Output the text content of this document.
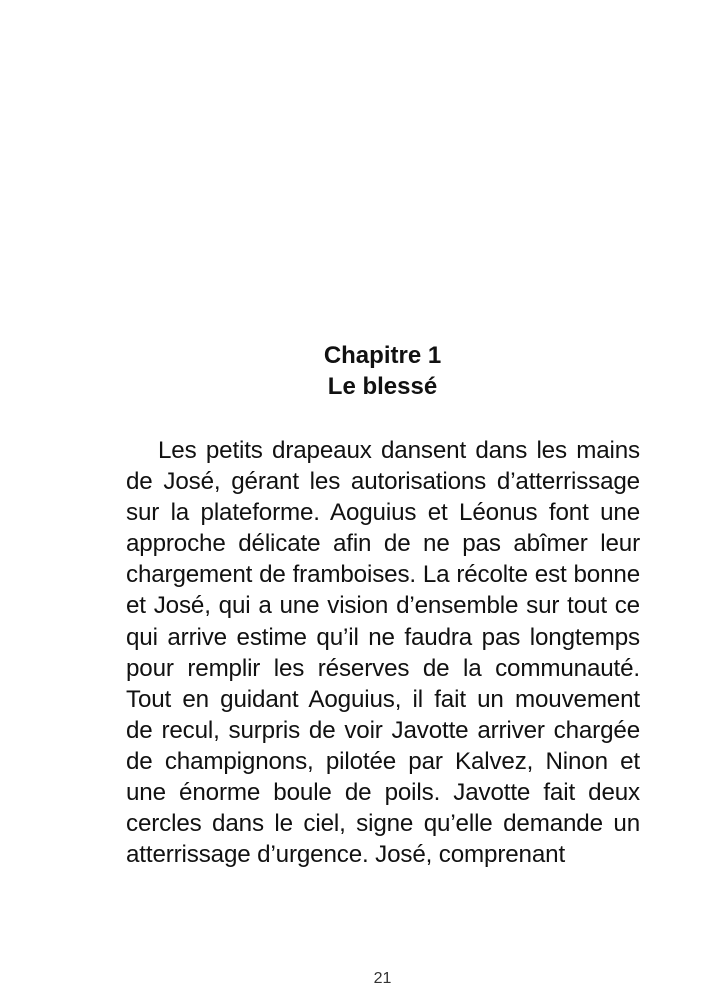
Chapitre 1
Le blessé

Les petits drapeaux dansent dans les mains de José, gérant les autorisations d’atterrissage sur la plateforme. Aoguius et Léonus font une approche délicate afin de ne pas abîmer leur chargement de framboises. La récolte est bonne et José, qui a une vision d’ensemble sur tout ce qui arrive estime qu’il ne faudra pas longtemps pour remplir les réserves de la communauté. Tout en guidant Aoguius, il fait un mouvement de recul, surpris de voir Javotte arriver chargée de champignons, pilotée par Kalvez, Ninon et une énorme boule de poils. Javotte fait deux cercles dans le ciel, signe qu’elle demande un atterrissage d’urgence. José, comprenant

21
